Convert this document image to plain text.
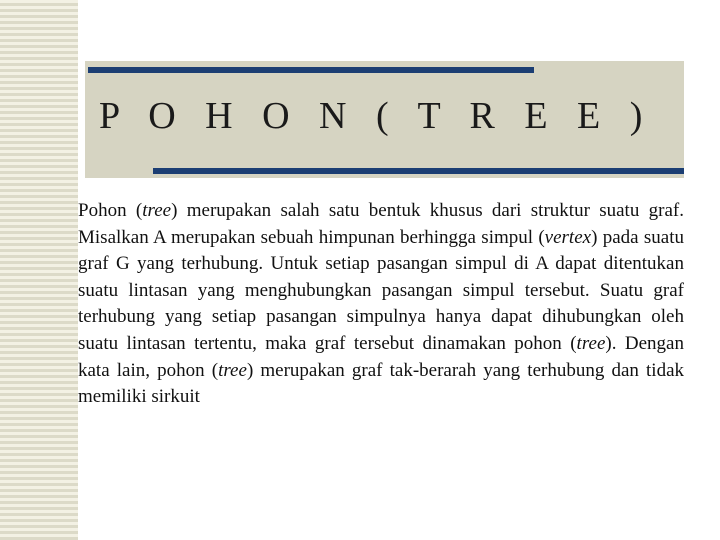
P O H O N ( T R E E )

Pohon (tree) merupakan salah satu bentuk khusus dari struktur suatu graf. Misalkan A merupakan sebuah himpunan berhingga simpul (vertex) pada suatu graf G yang terhubung. Untuk setiap pasangan simpul di A dapat ditentukan suatu lintasan yang menghubungkan pasangan simpul tersebut. Suatu graf terhubung yang setiap pasangan simpulnya hanya dapat dihubungkan oleh suatu lintasan tertentu, maka graf tersebut dinamakan pohon (tree). Dengan kata lain, pohon (tree) merupakan graf tak-berarah yang terhubung dan tidak memiliki sirkuit
